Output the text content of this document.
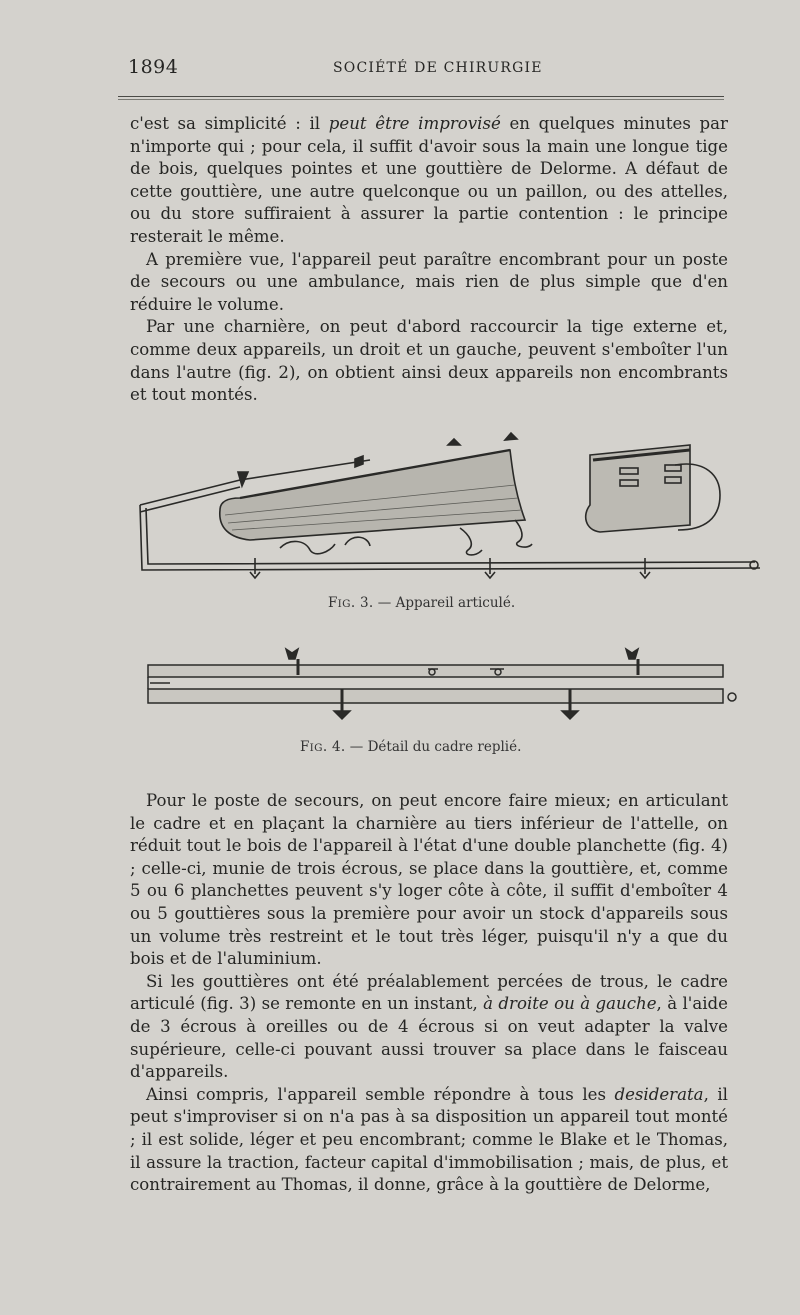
1894	SOCIÉTÉ DE CHIRURGIE

c'est sa simplicité : il peut être improvisé en quelques minutes par n'importe qui ; pour cela, il suffit d'avoir sous la main une longue tige de bois, quelques pointes et une gouttière de Delorme. A défaut de cette gouttière, une autre quelconque ou un paillon, ou des attelles, ou du store suffiraient à assurer la partie contention : le principe resterait le même.

A première vue, l'appareil peut paraître encombrant pour un poste de secours ou une ambulance, mais rien de plus simple que d'en réduire le volume.

Par une charnière, on peut d'abord raccourcir la tige externe et, comme deux appareils, un droit et un gauche, peuvent s'emboîter l'un dans l'autre (fig. 2), on obtient ainsi deux appareils non encombrants et tout montés.

FIG. 3. — Appareil articulé.
FIG. 4. — Détail du cadre replié.

Pour le poste de secours, on peut encore faire mieux; en articulant le cadre et en plaçant la charnière au tiers inférieur de l'attelle, on réduit tout le bois de l'appareil à l'état d'une double planchette (fig. 4) ; celle-ci, munie de trois écrous, se place dans la gouttière, et, comme 5 ou 6 planchettes peuvent s'y loger côte à côte, il suffit d'emboîter 4 ou 5 gouttières sous la première pour avoir un stock d'appareils sous un volume très restreint et le tout très léger, puisqu'il n'y a que du bois et de l'aluminium.

Si les gouttières ont été préalablement percées de trous, le cadre articulé (fig. 3) se remonte en un instant, à droite ou à gauche, à l'aide de 3 écrous à oreilles ou de 4 écrous si on veut adapter la valve supérieure, celle-ci pouvant aussi trouver sa place dans le faisceau d'appareils.

Ainsi compris, l'appareil semble répondre à tous les desiderata, il peut s'improviser si on n'a pas à sa disposition un appareil tout monté ; il est solide, léger et peu encombrant; comme le Blake et le Thomas, il assure la traction, facteur capital d'immobilisation ; mais, de plus, et contrairement au Thomas, il donne, grâce à la gouttière de Delorme,
